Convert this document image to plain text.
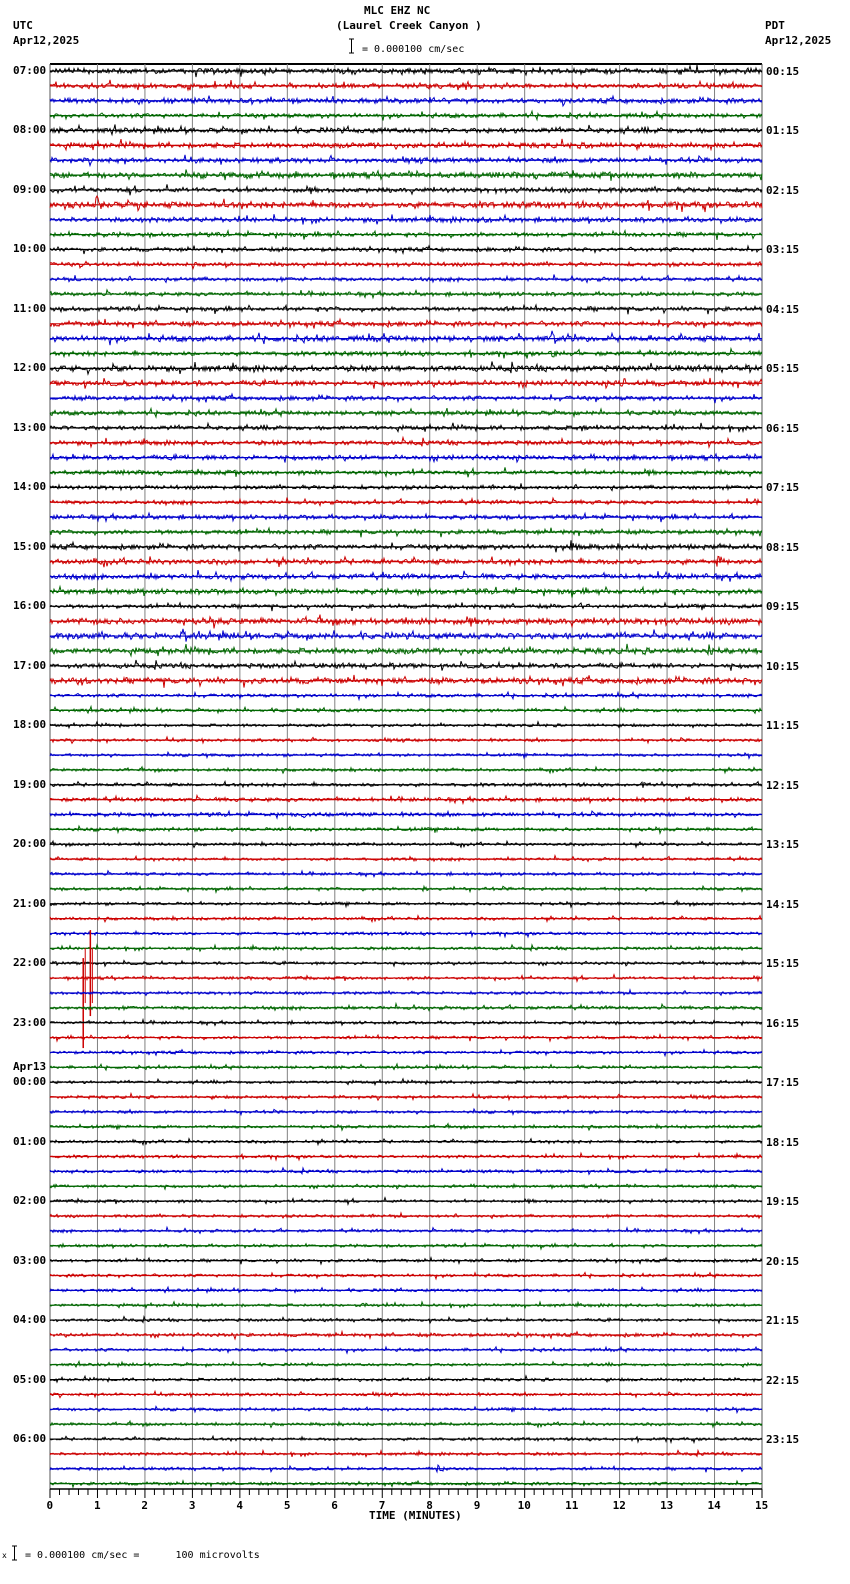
MLC EHZ NC
(Laurel Creek Canyon )
UTC
Apr12,2025
PDT
Apr12,2025
= 0.000100 cm/sec
07:00
08:00
09:00
10:00
11:00
12:00
13:00
14:00
15:00
16:00
17:00
18:00
19:00
20:00
21:00
22:00
23:00
Apr13
00:00
01:00
02:00
03:00
04:00
05:00
06:00
00:15
01:15
02:15
03:15
04:15
05:15
06:15
07:15
08:15
09:15
10:15
11:15
12:15
13:15
14:15
15:15
16:15
17:15
18:15
19:15
20:15
21:15
22:15
23:15
0	1	2	3	4	5	6	7	8	9	10	11	12	13	14	15
TIME (MINUTES)
x = 0.000100 cm/sec =      100 microvolts
